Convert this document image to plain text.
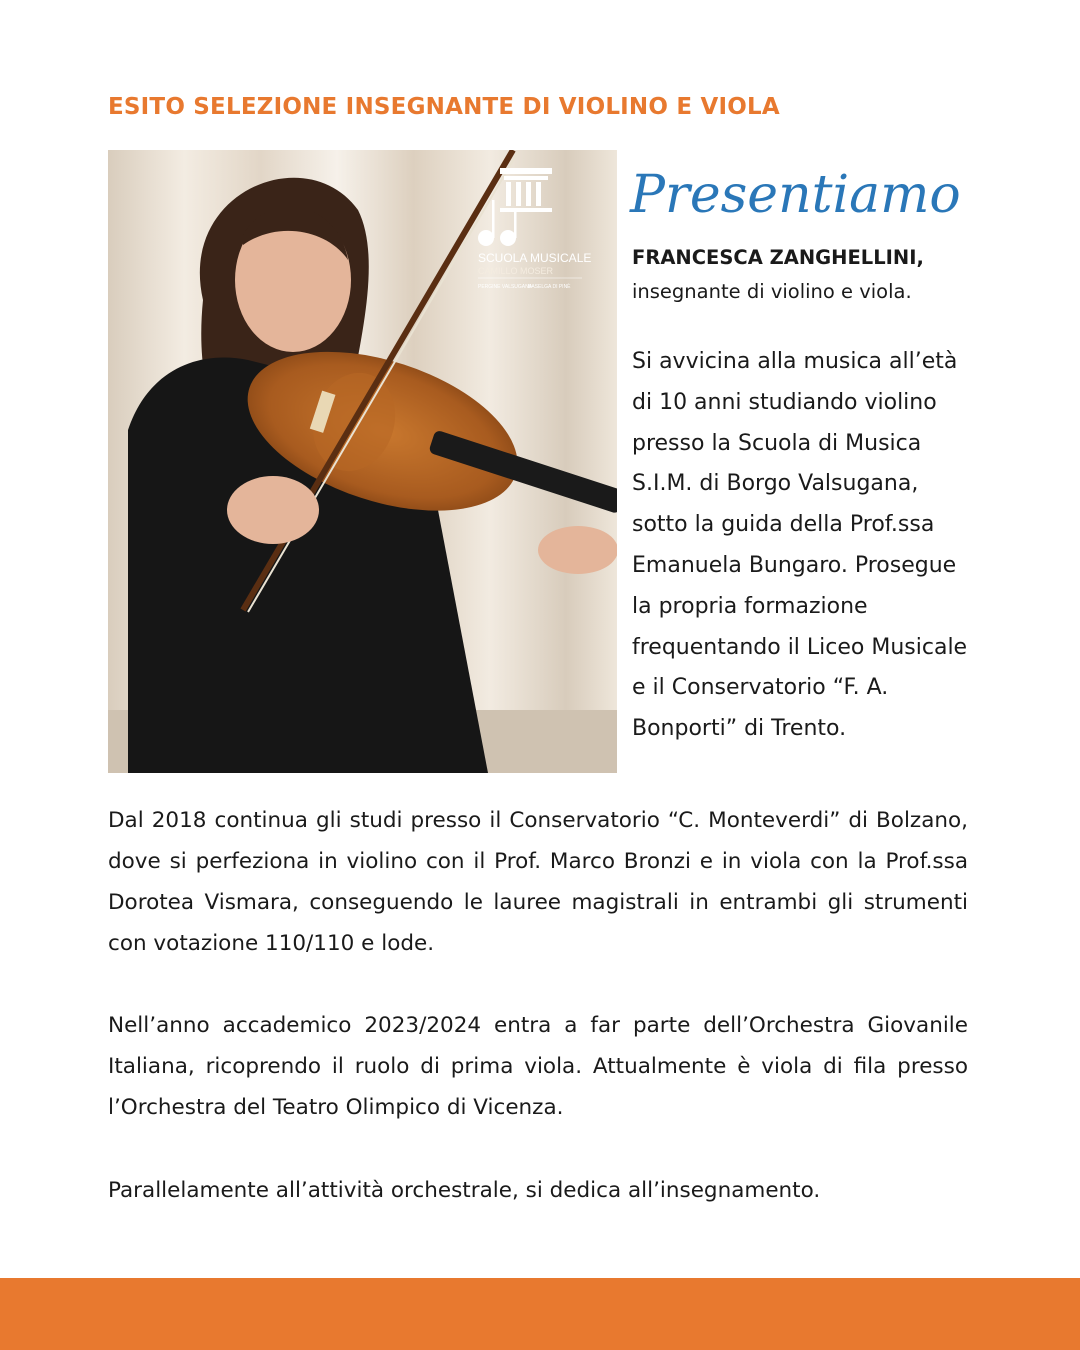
ESITO SELEZIONE INSEGNANTE DI VIOLINO E VIOLA
SCUOLA MUSICALE
CAMILLO MOSER
PERGINE VALSUGANA
BASELGA DI PINÈ
Presentiamo
FRANCESCA ZANGHELLINI,
insegnante di violino e viola.

Si avvicina alla musica all’età di 10 anni studiando violino presso la Scuola di Musica S.I.M. di Borgo Valsugana, sotto la guida della Prof.ssa Emanuela Bungaro. Prosegue la propria formazione frequentando il Liceo Musicale e il Conservatorio “F. A. Bonporti” di Trento.

Dal 2018 continua gli studi presso il Conservatorio “C. Monteverdi” di Bolzano, dove si perfeziona in violino con il Prof. Marco Bronzi e in viola con la Prof.ssa Dorotea Vismara, conseguendo le lauree magistrali in entrambi gli strumenti con votazione 110/110 e lode.

Nell’anno accademico 2023/2024 entra a far parte dell’Orchestra Giovanile Italiana, ricoprendo il ruolo di prima viola. Attualmente è viola di fila presso l’Orchestra del Teatro Olimpico di Vicenza.

Parallelamente all’attività orchestrale, si dedica all’insegnamento.
